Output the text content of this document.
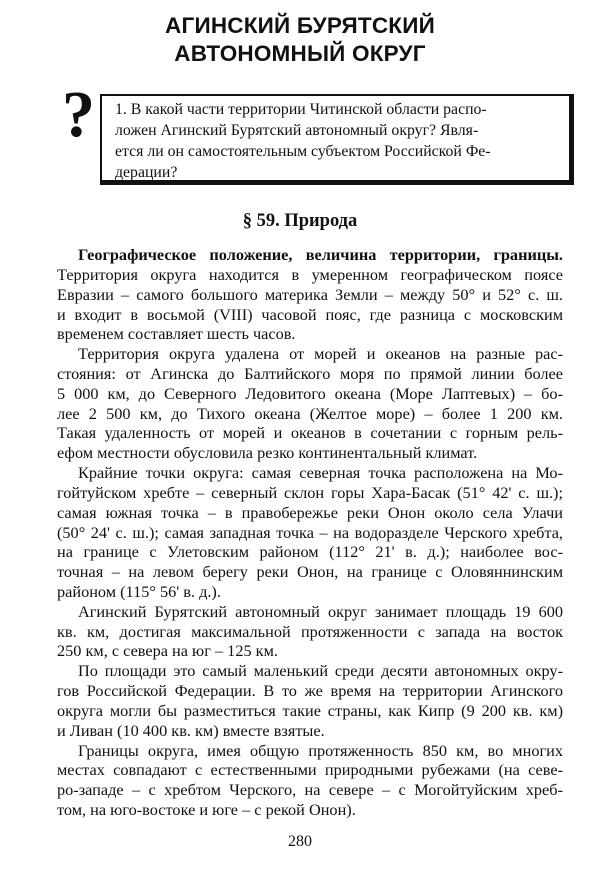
АГИНСКИЙ БУРЯТСКИЙ
АВТОНОМНЫЙ ОКРУГ
? 1. В какой части территории Читинской области распо-
ложен Агинский Бурятский автономный округ? Явля-
ется ли он самостоятельным субъектом Российской Фе-
дерации?
§ 59. Природа
Географическое положение, величина территории, границы.
Территория округа находится в умеренном географическом поясе
Евразии – самого большого материка Земли – между 50° и 52° с. ш.
и входит в восьмой (VIII) часовой пояс, где разница с московским
временем составляет шесть часов.
Территория округа удалена от морей и океанов на разные рас-
стояния: от Агинска до Балтийского моря по прямой линии более
5 000 км, до Северного Ледовитого океана (Море Лаптевых) – бо-
лее 2 500 км, до Тихого океана (Желтое море) – более 1 200 км.
Такая удаленность от морей и океанов в сочетании с горным рель-
ефом местности обусловила резко континентальный климат.
Крайние точки округа: самая северная точка расположена на Мо-
гойтуйском хребте – северный склон горы Хара-Басак (51° 42' с. ш.);
самая южная точка – в правобережье реки Онон около села Улачи
(50° 24' с. ш.); самая западная точка – на водоразделе Черского хребта,
на границе с Улетовским районом (112° 21' в. д.); наиболее вос-
точная – на левом берегу реки Онон, на границе с Оловяннинским
районом (115° 56' в. д.).
Агинский Бурятский автономный округ занимает площадь 19 600
кв. км, достигая максимальной протяженности с запада на восток
250 км, с севера на юг – 125 км.
По площади это самый маленький среди десяти автономных окру-
гов Российской Федерации. В то же время на территории Агинского
округа могли бы разместиться такие страны, как Кипр (9 200 кв. км)
и Ливан (10 400 кв. км) вместе взятые.
Границы округа, имея общую протяженность 850 км, во многих
280
местах совпадают с естественными природными рубежами (на севе-
ро-западе – с хребтом Черского, на севере – с Могойтуйским хреб-
том, на юго-востоке и юге – с рекой Онон).
